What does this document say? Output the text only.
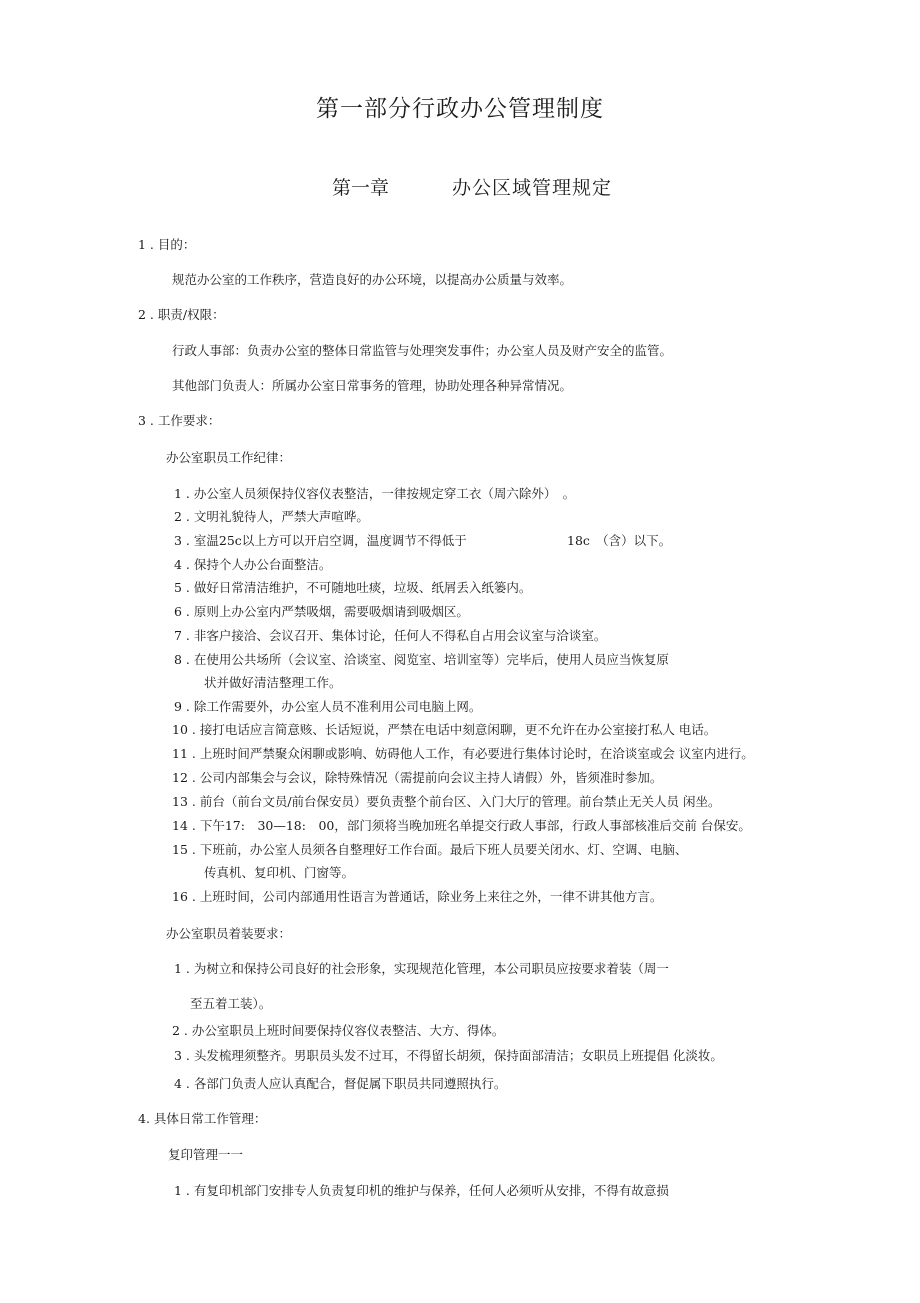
第一部分行政办公管理制度
第一章	办公区域管理规定
1 . 目的：
规范办公室的工作秩序，营造良好的办公环境，以提高办公质量与效率。
2 . 职责/权限：
行政人事部：负责办公室的整体日常监管与处理突发事件；办公室人员及财产安全的监管。
其他部门负责人：所属办公室日常事务的管理，协助处理各种异常情况。
3 . 工作要求：
办公室职员工作纪律：
1 . 办公室人员须保持仪容仪表整洁，一律按规定穿工衣（周六除外）　。
2 . 文明礼貌待人，严禁大声喧哗。
3 . 室温25c以上方可以开启空调，温度调节不得低于	18c　（含）以下。
4 . 保持个人办公台面整洁。
5 . 做好日常清洁维护，不可随地吐痰，垃圾、纸屑丢入纸篓内。
6 . 原则上办公室内严禁吸烟，需要吸烟请到吸烟区。
7 . 非客户接洽、会议召开、集体讨论，任何人不得私自占用会议室与洽谈室。
8 . 在使用公共场所（会议室、洽谈室、阅览室、培训室等）完毕后，使用人员应当恢复原
状并做好清洁整理工作。
9 . 除工作需要外，办公室人员不准利用公司电脑上网。
10 . 接打电话应言简意赅、长话短说，严禁在电话中刻意闲聊，更不允许在办公室接打私人 电话。
11 . 上班时间严禁聚众闲聊或影响、妨碍他人工作，有必要进行集体讨论时，在洽谈室或会 议室内进行。
12 . 公司内部集会与会议，除特殊情况（需提前向会议主持人请假）外，皆须准时参加。
13 . 前台（前台文员/前台保安员）要负责整个前台区、入门大厅的管理。前台禁止无关人员 闲坐。
14 . 下午17:　30—18:　00，部门须将当晚加班名单提交行政人事部，行政人事部核准后交前 台保安。
15 . 下班前，办公室人员须各自整理好工作台面。最后下班人员要关闭水、灯、空调、电脑、
传真机、复印机、门窗等。
16 . 上班时间，公司内部通用性语言为普通话，除业务上来往之外，一律不讲其他方言。
办公室职员着装要求：
1 . 为树立和保持公司良好的社会形象，实现规范化管理，本公司职员应按要求着装（周一
至五着工装）。
2 . 办公室职员上班时间要保持仪容仪表整洁、大方、得体。
3 . 头发梳理须整齐。男职员头发不过耳，不得留长胡须，保持面部清洁；女职员上班提倡 化淡妆。
4 . 各部门负责人应认真配合，督促属下职员共同遵照执行。
4. 具体日常工作管理：
复印管理一一
1 . 有复印机部门安排专人负责复印机的维护与保养，任何人必须听从安排，不得有故意损
